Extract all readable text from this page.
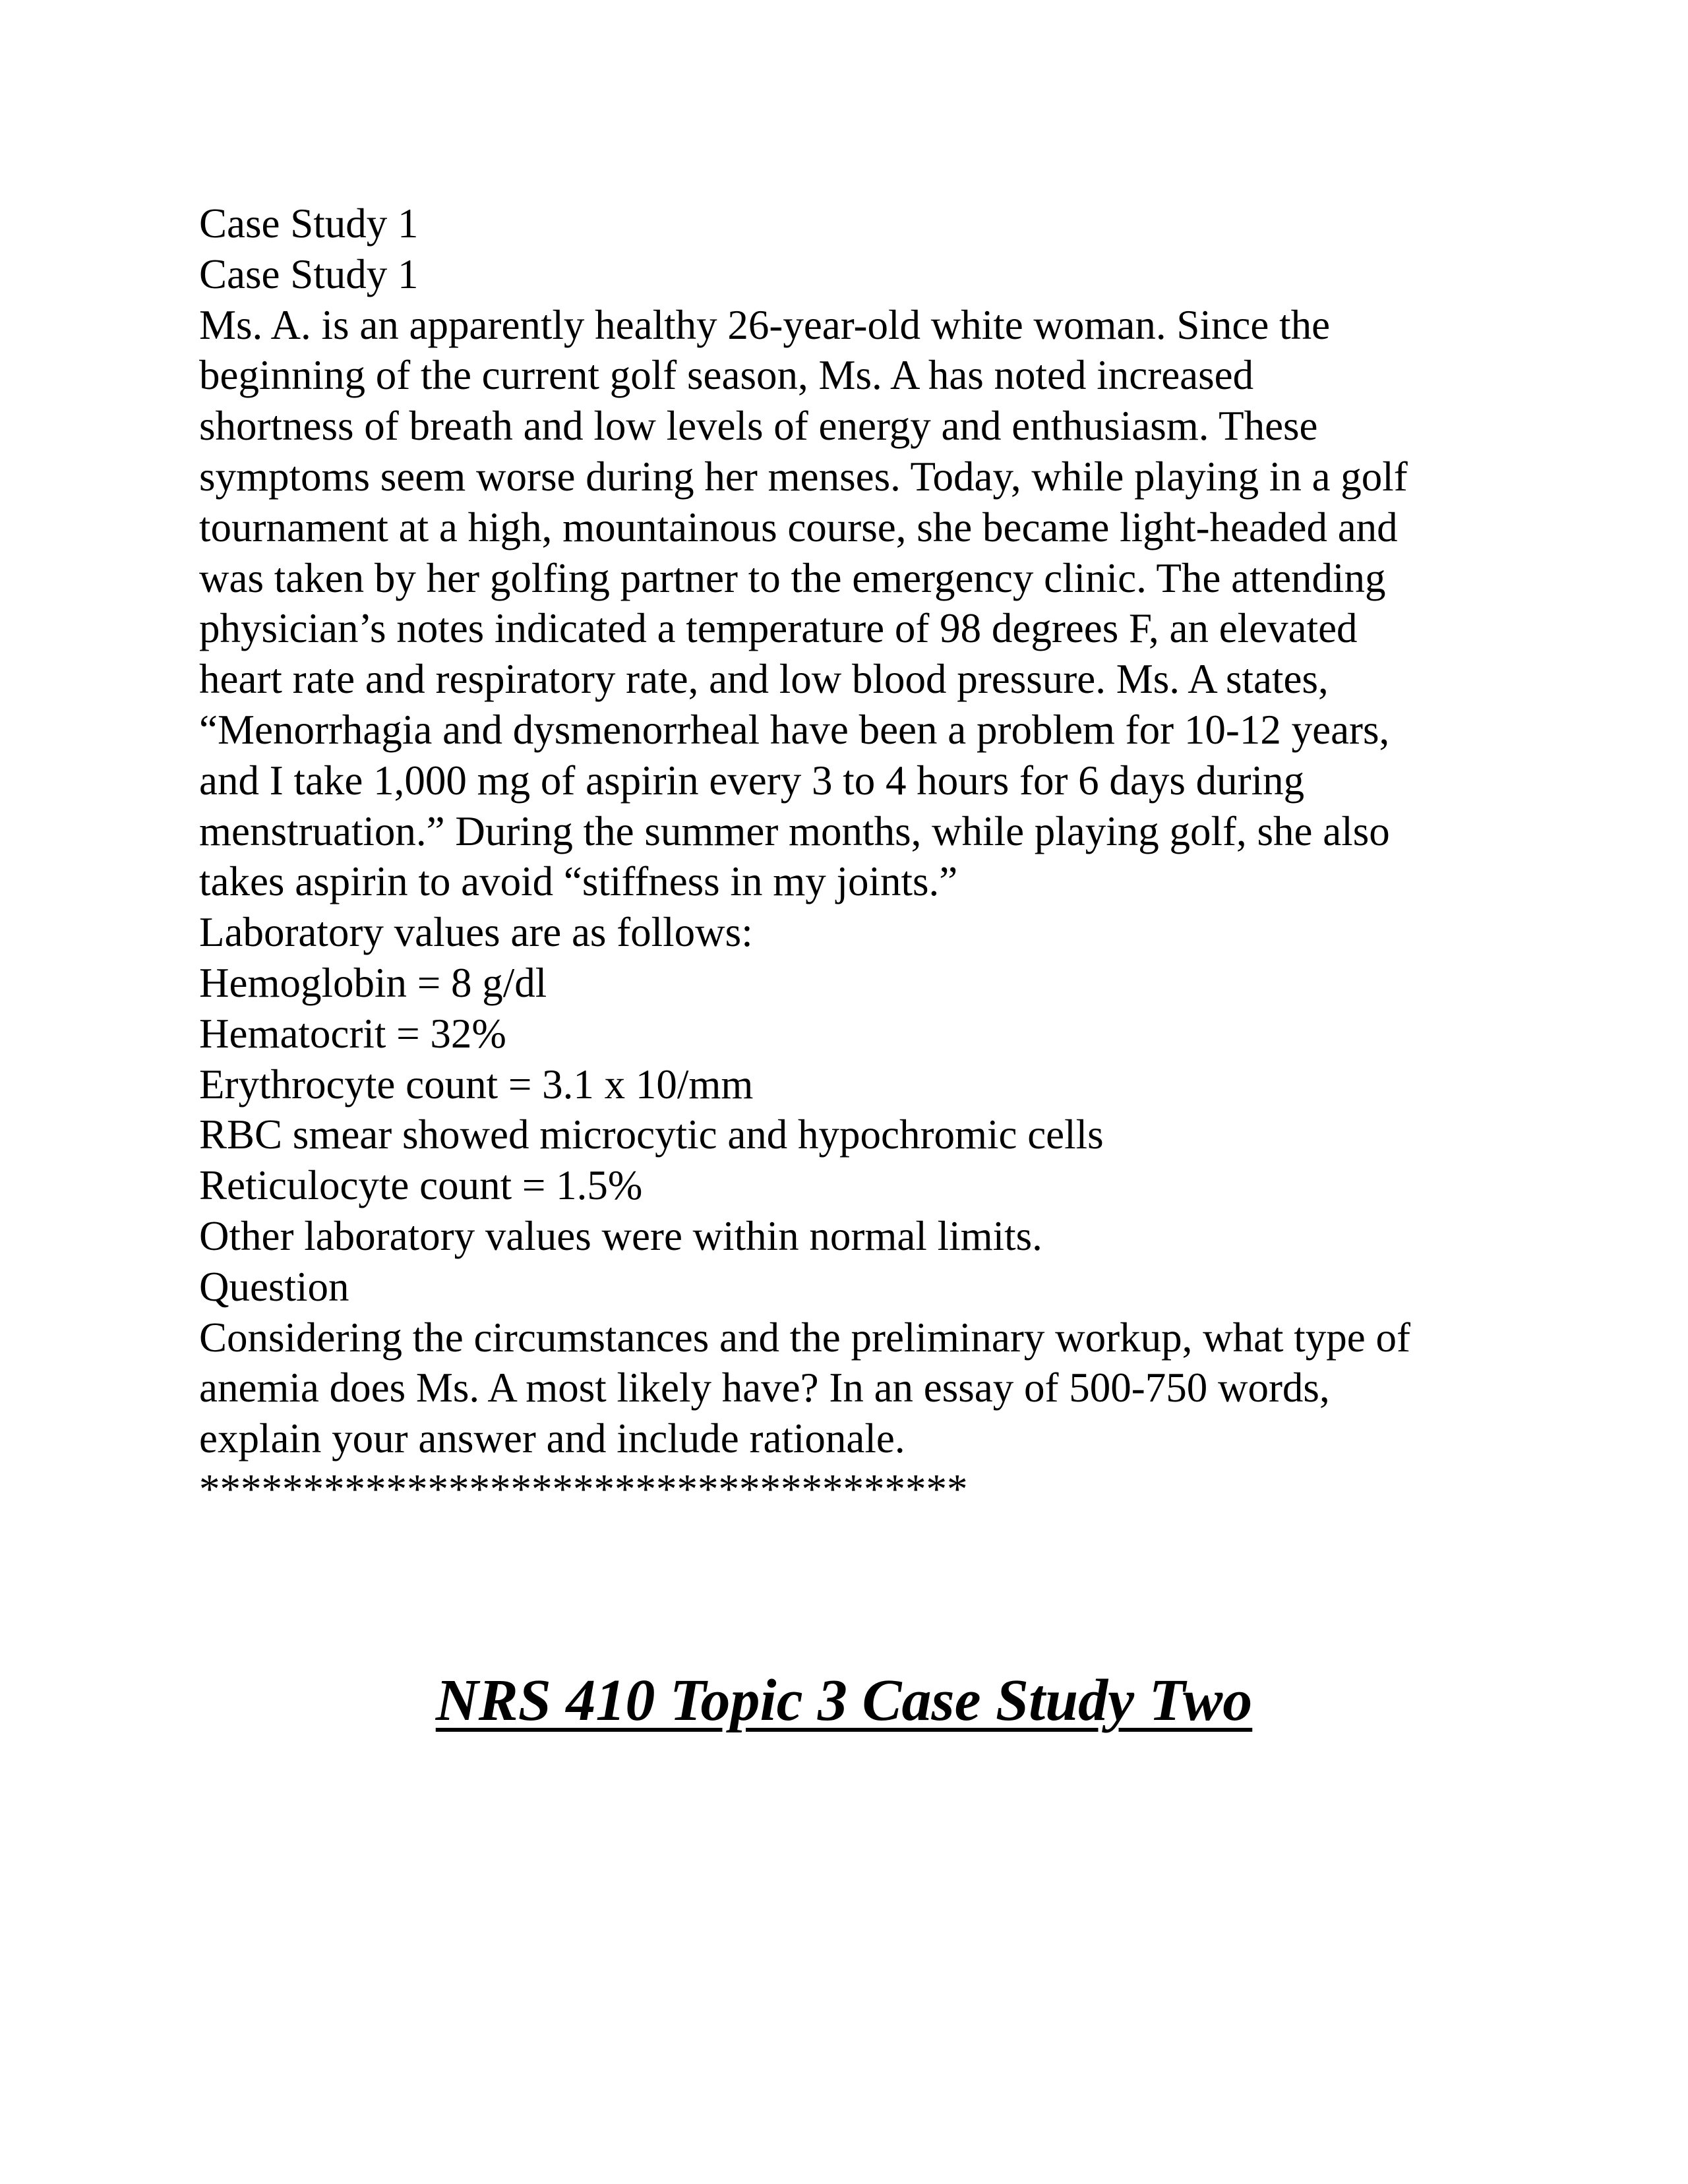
Case Study 1
Case Study 1
Ms. A. is an apparently healthy 26-year-old white woman. Since the
beginning of the current golf season, Ms. A has noted increased
shortness of breath and low levels of energy and enthusiasm. These
symptoms seem worse during her menses. Today, while playing in a golf
tournament at a high, mountainous course, she became light-headed and
was taken by her golfing partner to the emergency clinic. The attending
physician’s notes indicated a temperature of 98 degrees F, an elevated
heart rate and respiratory rate, and low blood pressure. Ms. A states,
“Menorrhagia and dysmenorrheal have been a problem for 10-12 years,
and I take 1,000 mg of aspirin every 3 to 4 hours for 6 days during
menstruation.” During the summer months, while playing golf, she also
takes aspirin to avoid “stiffness in my joints.”
Laboratory values are as follows:
Hemoglobin = 8 g/dl
Hematocrit = 32%
Erythrocyte count = 3.1 x 10/mm
RBC smear showed microcytic and hypochromic cells
Reticulocyte count = 1.5%
Other laboratory values were within normal limits.
Question
Considering the circumstances and the preliminary workup, what type of
anemia does Ms. A most likely have? In an essay of 500-750 words,
explain your answer and include rationale.
*************************************
NRS 410 Topic 3 Case Study Two
